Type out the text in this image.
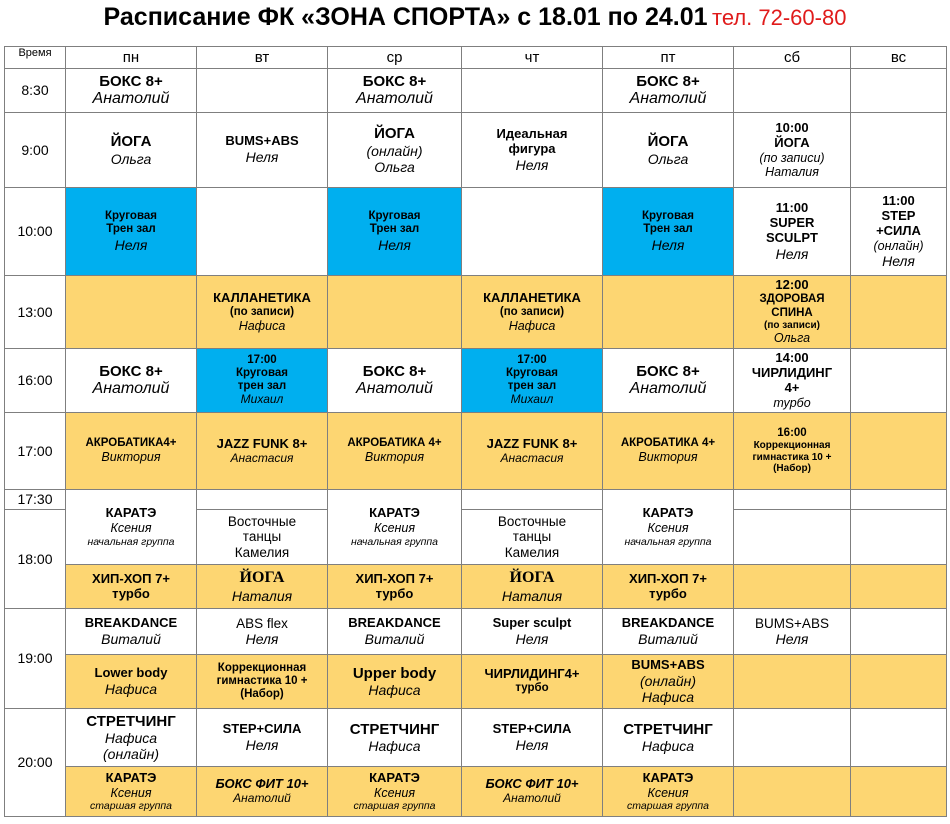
Расписание ФК «ЗОНА СПОРТА» с 18.01 по 24.01 тел. 72-60-80
Время	пн	вт	ср	чт	пт	сб	вс
8:30	БОКС 8+
Анатолий		БОКС 8+
Анатолий		БОКС 8+
Анатолий		

9:00	ЙОГА
Ольга	BUMS+ABS
Неля	ЙОГА
(онлайн)
Ольга	Идеальная
фигура
Неля	ЙОГА
Ольга	10:00
ЙОГА
(по записи)
Наталия	

10:00	Круговая
Трен зал
Неля		Круговая
Трен зал
Неля		Круговая
Трен зал
Неля	11:00
SUPER
SCULPT
Неля	11:00
STEP
+СИЛА
(онлайн)
Неля

13:00		КАЛЛАНЕТИКА
(по записи)
Нафиса		КАЛЛАНЕТИКА
(по записи)
Нафиса		12:00
ЗДОРОВАЯ
СПИНА
(по записи)
Ольга	

16:00	БОКС 8+
Анатолий	17:00
Круговая
трен зал
Михаил	БОКС 8+
Анатолий	17:00
Круговая
трен зал
Михаил	БОКС 8+
Анатолий	14:00
ЧИРЛИДИНГ
4+
турбо	

17:00	АКРОБАТИКА4+
Виктория	JAZZ FUNK 8+
Анастасия	АКРОБАТИКА 4+
Виктория	JAZZ FUNK 8+
Анастасия	АКРОБАТИКА 4+
Виктория	16:00
Коррекционная
гимнастика 10 +
(Набор)	

17:30	КАРАТЭ
Ксения
начальная группа		КАРАТЭ
Ксения
начальная группа		КАРАТЭ
Ксения
начальная группа		

18:00		Восточные
танцы
Камелия		Восточные
танцы
Камелия			

	ХИП-ХОП 7+
турбо	ЙОГА
Наталия	ХИП-ХОП 7+
турбо	ЙОГА
Наталия	ХИП-ХОП 7+
турбо		

19:00	BREAKDANCE
Виталий	ABS flex
Неля	BREAKDANCE
Виталий	Super sculpt
Неля	BREAKDANCE
Виталий	BUMS+ABS
Неля	

	Lower body
Нафиса	Коррекционная
гимнастика 10 +
(Набор)	Upper body
Нафиса	ЧИРЛИДИНГ4+
турбо	BUMS+ABS
(онлайн)
Нафиса		

20:00	СТРЕТЧИНГ
Нафиса
(онлайн)	STEP+СИЛА
Неля	СТРЕТЧИНГ
Нафиса	STEP+СИЛА
Неля	СТРЕТЧИНГ
Нафиса		

	КАРАТЭ
Ксения
старшая группа	БОКС ФИТ 10+
Анатолий	КАРАТЭ
Ксения
старшая группа	БОКС ФИТ 10+
Анатолий	КАРАТЭ
Ксения
старшая группа		
